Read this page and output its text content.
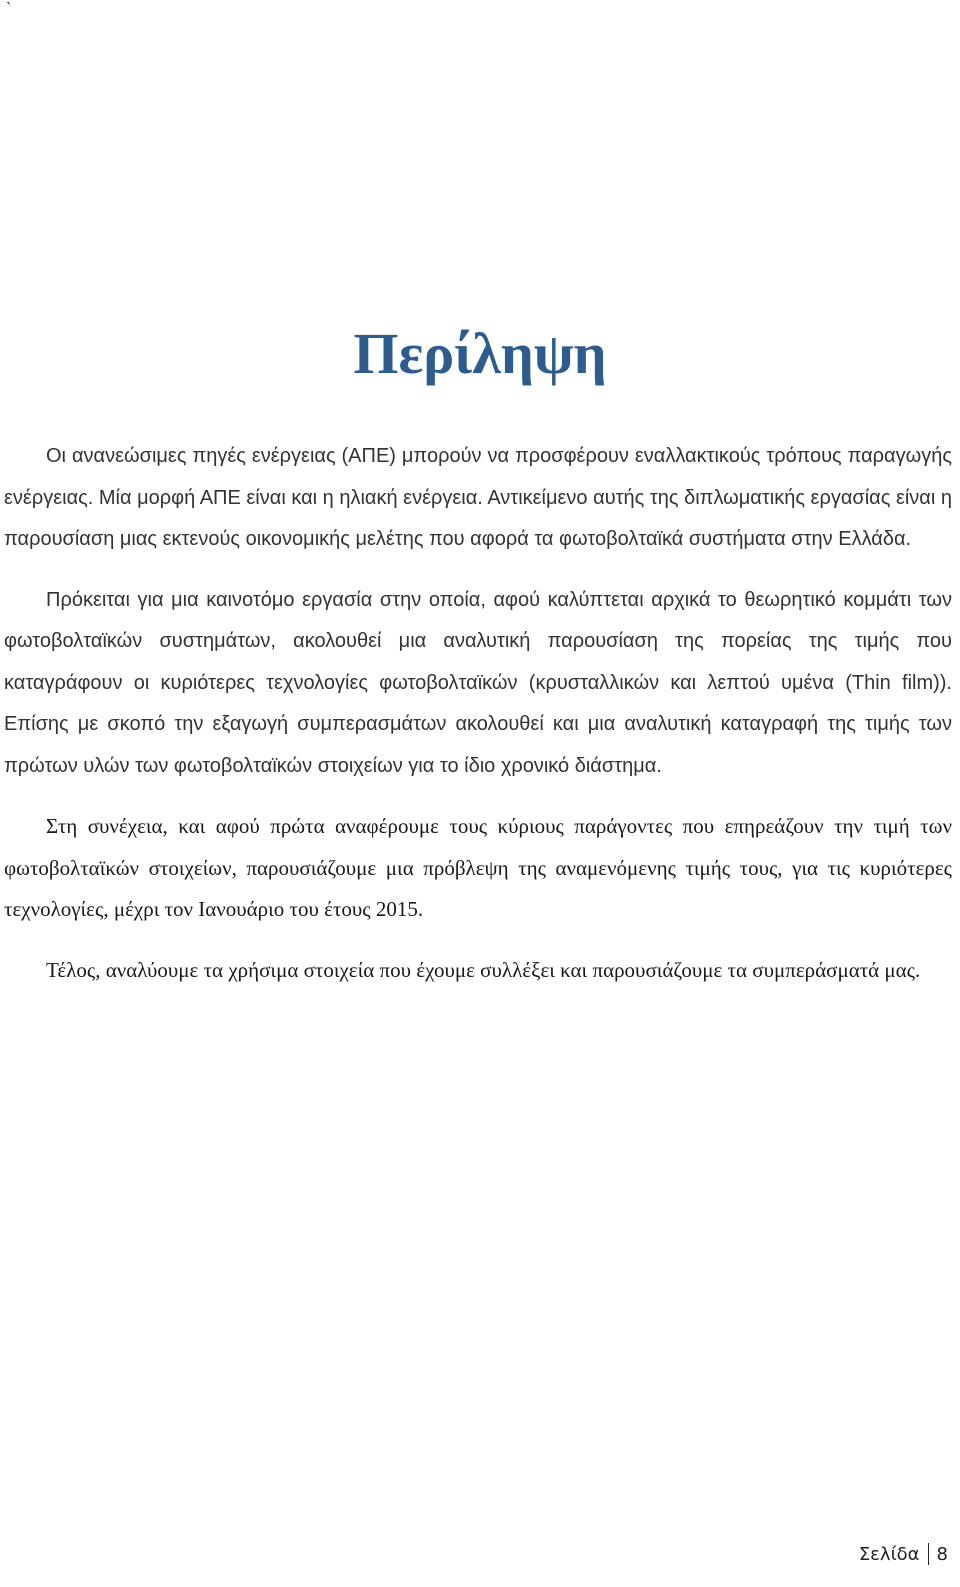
`
Περίληψη

Οι ανανεώσιμες πηγές ενέργειας (ΑΠΕ) μπορούν να προσφέρουν εναλλακτικούς τρόπους παραγωγής ενέργειας. Μία μορφή ΑΠΕ είναι και η ηλιακή ενέργεια. Αντικείμενο αυτής της διπλωματικής εργασίας είναι η παρουσίαση μιας εκτενούς οικονομικής μελέτης που αφορά τα φωτοβολταϊκά συστήματα στην Ελλάδα.

Πρόκειται για μια καινοτόμο εργασία στην οποία, αφού καλύπτεται αρχικά το θεωρητικό κομμάτι των φωτοβολταϊκών συστημάτων, ακολουθεί μια αναλυτική παρουσίαση της πορείας της τιμής που καταγράφουν οι κυριότερες τεχνολογίες φωτοβολταϊκών (κρυσταλλικών και λεπτού υμένα (Thin film)). Επίσης με σκοπό την εξαγωγή συμπερασμάτων ακολουθεί και μια αναλυτική καταγραφή της τιμής των πρώτων υλών των φωτοβολταϊκών στοιχείων για το ίδιο χρονικό διάστημα.

Στη συνέχεια, και αφού πρώτα αναφέρουμε τους κύριους παράγοντες που επηρεάζουν την τιμή των φωτοβολταϊκών στοιχείων, παρουσιάζουμε μια πρόβλεψη της αναμενόμενης τιμής τους, για τις κυριότερες τεχνολογίες, μέχρι τον Ιανουάριο του έτους 2015.

Τέλος, αναλύουμε τα χρήσιμα στοιχεία που έχουμε συλλέξει και παρουσιάζουμε τα συμπεράσματά μας.

Σελίδα 8
